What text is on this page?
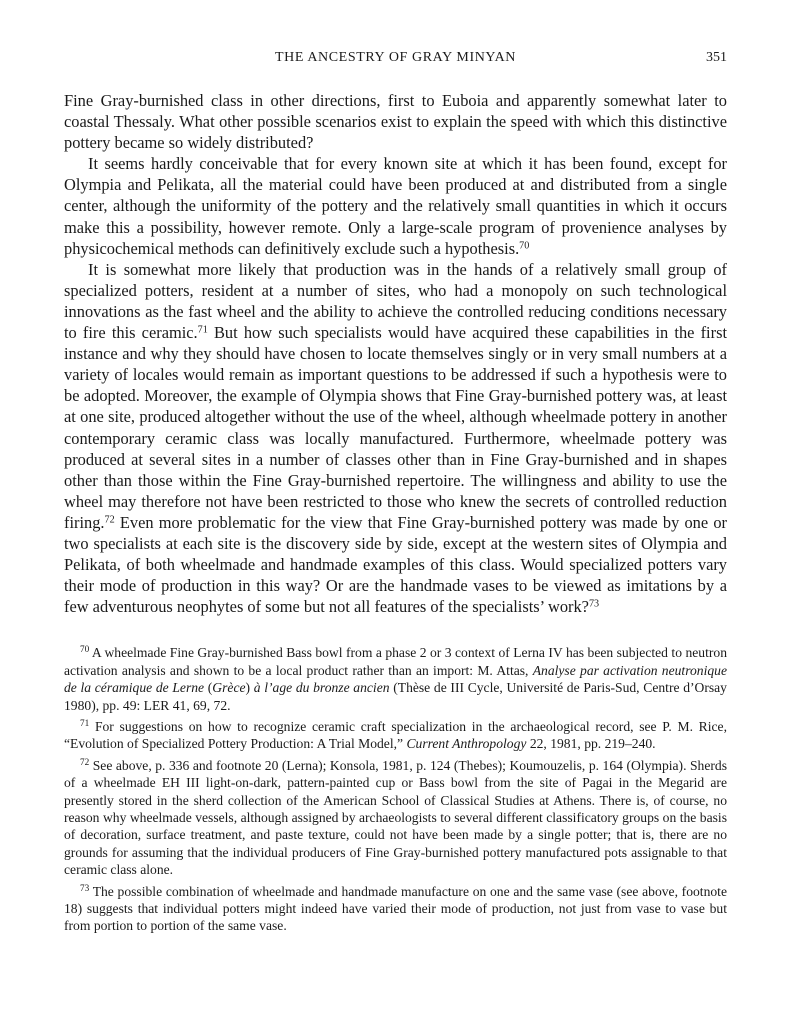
THE ANCESTRY OF GRAY MINYAN	351

Fine Gray-burnished class in other directions, first to Euboia and apparently somewhat later to coastal Thessaly. What other possible scenarios exist to explain the speed with which this distinctive pottery became so widely distributed?

It seems hardly conceivable that for every known site at which it has been found, except for Olympia and Pelikata, all the material could have been produced at and distributed from a single center, although the uniformity of the pottery and the relatively small quantities in which it occurs make this a possibility, however remote. Only a large-scale program of provenience analyses by physicochemical methods can definitively exclude such a hypothesis.$^{70}$

It is somewhat more likely that production was in the hands of a relatively small group of specialized potters, resident at a number of sites, who had a monopoly on such technological innovations as the fast wheel and the ability to achieve the controlled reducing conditions necessary to fire this ceramic.$^{71}$ But how such specialists would have acquired these capabilities in the first instance and why they should have chosen to locate themselves singly or in very small numbers at a variety of locales would remain as important questions to be addressed if such a hypothesis were to be adopted. Moreover, the example of Olympia shows that Fine Gray-burnished pottery was, at least at one site, produced altogether without the use of the wheel, although wheelmade pottery in another contemporary ceramic class was locally manufactured. Furthermore, wheelmade pottery was produced at several sites in a number of classes other than in Fine Gray-burnished and in shapes other than those within the Fine Gray-burnished repertoire. The willingness and ability to use the wheel may therefore not have been restricted to those who knew the secrets of controlled reduction firing.$^{72}$ Even more problematic for the view that Fine Gray-burnished pottery was made by one or two specialists at each site is the discovery side by side, except at the western sites of Olympia and Pelikata, of both wheelmade and handmade examples of this class. Would specialized potters vary their mode of production in this way? Or are the handmade vases to be viewed as imitations by a few adventurous neophytes of some but not all features of the specialists’ work?$^{73}$

$^{70}$ A wheelmade Fine Gray-burnished Bass bowl from a phase 2 or 3 context of Lerna IV has been subjected to neutron activation analysis and shown to be a local product rather than an import: M. Attas, Analyse par activation neutronique de la céramique de Lerne (Grèce) à l’age du bronze ancien (Thèse de III Cycle, Université de Paris-Sud, Centre d’Orsay 1980), pp. 49: LER 41, 69, 72.

$^{71}$ For suggestions on how to recognize ceramic craft specialization in the archaeological record, see P. M. Rice, “Evolution of Specialized Pottery Production: A Trial Model,” Current Anthropology 22, 1981, pp. 219–240.

$^{72}$ See above, p. 336 and footnote 20 (Lerna); Konsola, 1981, p. 124 (Thebes); Koumouzelis, p. 164 (Olympia). Sherds of a wheelmade EH III light-on-dark, pattern-painted cup or Bass bowl from the site of Pagai in the Megarid are presently stored in the sherd collection of the American School of Classical Studies at Athens. There is, of course, no reason why wheelmade vessels, although assigned by archaeologists to several different classificatory groups on the basis of decoration, surface treatment, and paste texture, could not have been made by a single potter; that is, there are no grounds for assuming that the individual producers of Fine Gray-burnished pottery manufactured pots assignable to that ceramic class alone.

$^{73}$ The possible combination of wheelmade and handmade manufacture on one and the same vase (see above, footnote 18) suggests that individual potters might indeed have varied their mode of production, not just from vase to vase but from portion to portion of the same vase.
